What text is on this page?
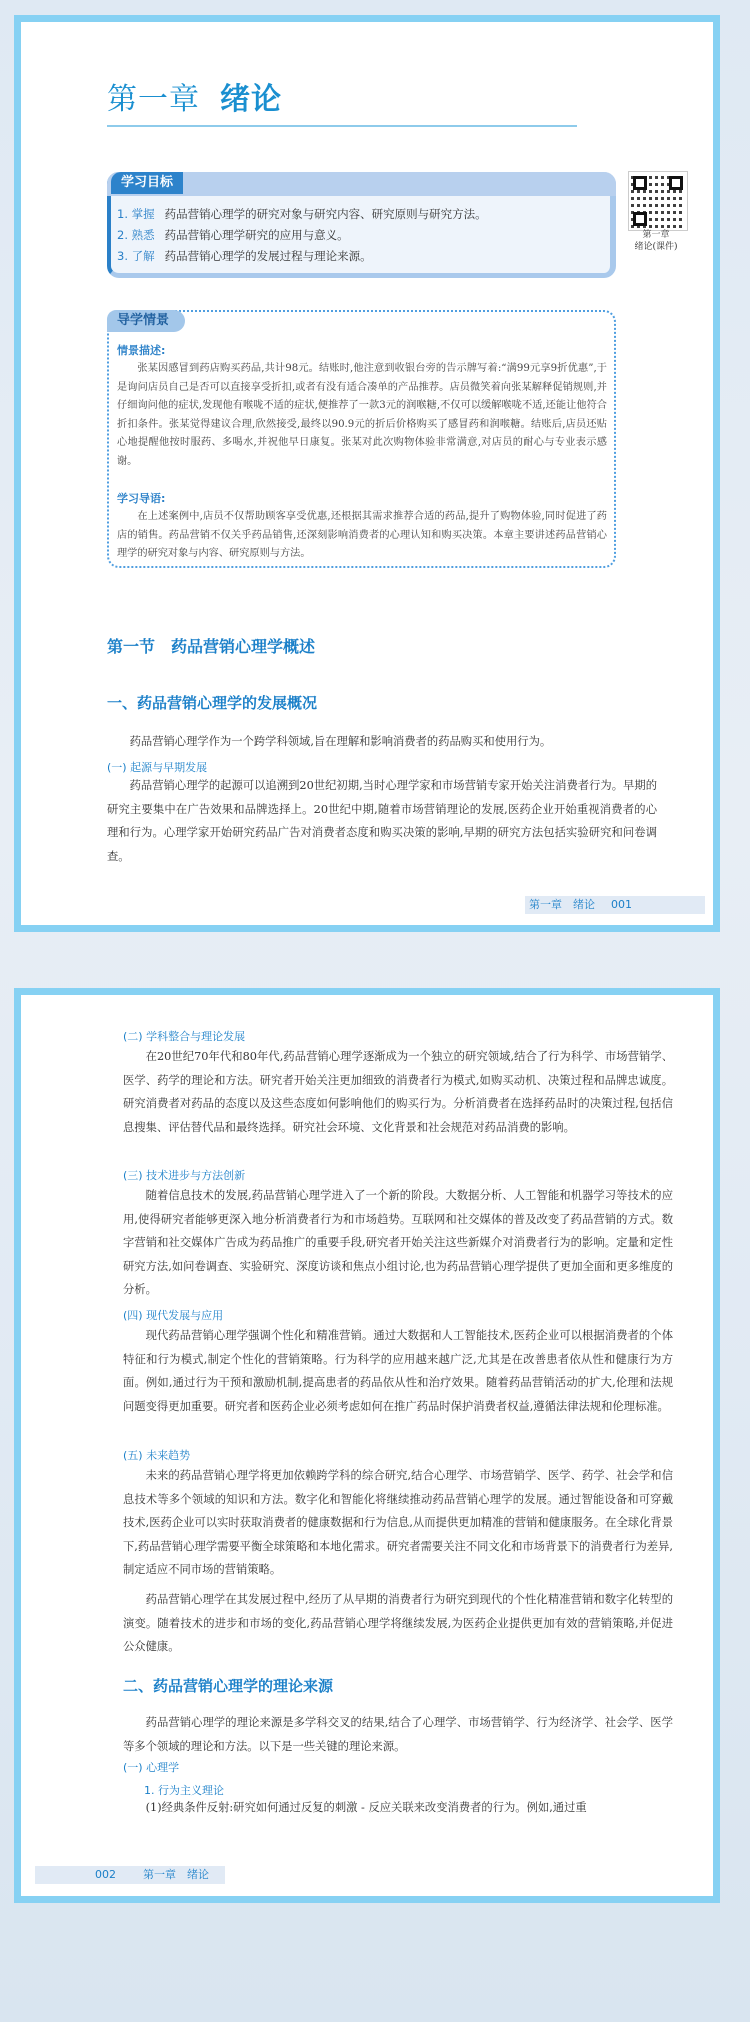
第一章 绪论
学习目标
1. 掌握 药品营销心理学的研究对象与研究内容、研究原则与研究方法。
2. 熟悉 药品营销心理学研究的应用与意义。
3. 了解 药品营销心理学的发展过程与理论来源。
第一章
绪论(课件)
导学情景
情景描述:
张某因感冒到药店购买药品,共计98元。结账时,他注意到收银台旁的告示牌写着:“满99元享9折优惠”,于是询问店员自己是否可以直接享受折扣,或者有没有适合凑单的产品推荐。店员微笑着向张某解释促销规则,并仔细询问他的症状,发现他有喉咙不适的症状,便推荐了一款3元的润喉糖,不仅可以缓解喉咙不适,还能让他符合折扣条件。张某觉得建议合理,欣然接受,最终以90.9元的折后价格购买了感冒药和润喉糖。结账后,店员还贴心地提醒他按时服药、多喝水,并祝他早日康复。张某对此次购物体验非常满意,对店员的耐心与专业表示感谢。
学习导语:
在上述案例中,店员不仅帮助顾客享受优惠,还根据其需求推荐合适的药品,提升了购物体验,同时促进了药店的销售。药品营销不仅关乎药品销售,还深刻影响消费者的心理认知和购买决策。本章主要讲述药品营销心理学的研究对象与内容、研究原则与方法。
第一节　药品营销心理学概述
一、药品营销心理学的发展概况
药品营销心理学作为一个跨学科领域,旨在理解和影响消费者的药品购买和使用行为。
(一) 起源与早期发展
药品营销心理学的起源可以追溯到20世纪初期,当时心理学家和市场营销专家开始关注消费者行为。早期的研究主要集中在广告效果和品牌选择上。20世纪中期,随着市场营销理论的发展,医药企业开始重视消费者的心理和行为。心理学家开始研究药品广告对消费者态度和购买决策的影响,早期的研究方法包括实验研究和问卷调查。
第一章　绪论 001
(二) 学科整合与理论发展
在20世纪70年代和80年代,药品营销心理学逐渐成为一个独立的研究领域,结合了行为科学、市场营销学、医学、药学的理论和方法。研究者开始关注更加细致的消费者行为模式,如购买动机、决策过程和品牌忠诚度。研究消费者对药品的态度以及这些态度如何影响他们的购买行为。分析消费者在选择药品时的决策过程,包括信息搜集、评估替代品和最终选择。研究社会环境、文化背景和社会规范对药品消费的影响。
(三) 技术进步与方法创新
随着信息技术的发展,药品营销心理学进入了一个新的阶段。大数据分析、人工智能和机器学习等技术的应用,使得研究者能够更深入地分析消费者行为和市场趋势。互联网和社交媒体的普及改变了药品营销的方式。数字营销和社交媒体广告成为药品推广的重要手段,研究者开始关注这些新媒介对消费者行为的影响。定量和定性研究方法,如问卷调查、实验研究、深度访谈和焦点小组讨论,也为药品营销心理学提供了更加全面和更多维度的分析。
(四) 现代发展与应用
现代药品营销心理学强调个性化和精准营销。通过大数据和人工智能技术,医药企业可以根据消费者的个体特征和行为模式,制定个性化的营销策略。行为科学的应用越来越广泛,尤其是在改善患者依从性和健康行为方面。例如,通过行为干预和激励机制,提高患者的药品依从性和治疗效果。随着药品营销活动的扩大,伦理和法规问题变得更加重要。研究者和医药企业必须考虑如何在推广药品时保护消费者权益,遵循法律法规和伦理标准。
(五) 未来趋势
未来的药品营销心理学将更加依赖跨学科的综合研究,结合心理学、市场营销学、医学、药学、社会学和信息技术等多个领域的知识和方法。数字化和智能化将继续推动药品营销心理学的发展。通过智能设备和可穿戴技术,医药企业可以实时获取消费者的健康数据和行为信息,从而提供更加精准的营销和健康服务。在全球化背景下,药品营销心理学需要平衡全球策略和本地化需求。研究者需要关注不同文化和市场背景下的消费者行为差异,制定适应不同市场的营销策略。
药品营销心理学在其发展过程中,经历了从早期的消费者行为研究到现代的个性化精准营销和数字化转型的演变。随着技术的进步和市场的变化,药品营销心理学将继续发展,为医药企业提供更加有效的营销策略,并促进公众健康。
二、药品营销心理学的理论来源
药品营销心理学的理论来源是多学科交叉的结果,结合了心理学、市场营销学、行为经济学、社会学、医学等多个领域的理论和方法。以下是一些关键的理论来源。
(一) 心理学
1. 行为主义理论
(1)经典条件反射:研究如何通过反复的刺激 - 反应关联来改变消费者的行为。例如,通过重
002 第一章　绪论
